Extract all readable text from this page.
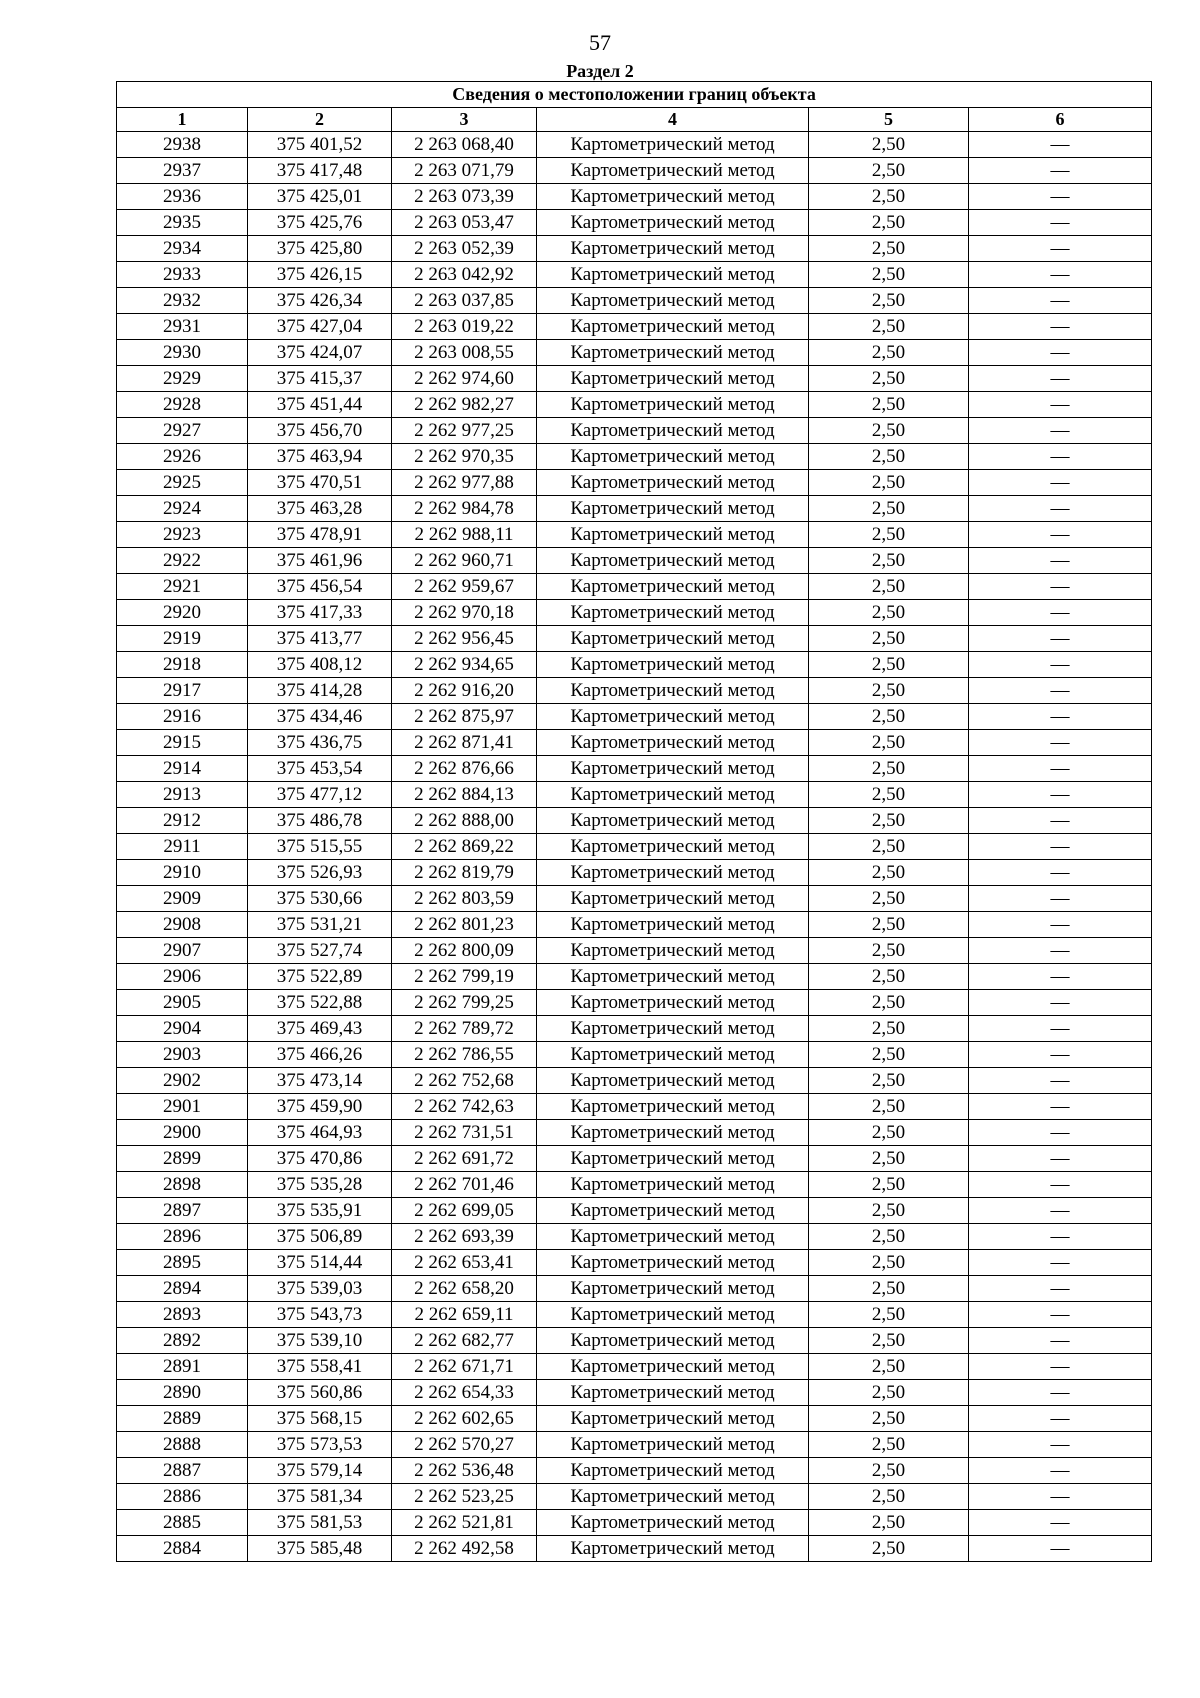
57
Раздел 2
Сведения о местоположении границ объекта					
1	2	3	4	5	6
2938	375 401,52	2 263 068,40	Картометрический метод	2,50	—
2937	375 417,48	2 263 071,79	Картометрический метод	2,50	—
2936	375 425,01	2 263 073,39	Картометрический метод	2,50	—
2935	375 425,76	2 263 053,47	Картометрический метод	2,50	—
2934	375 425,80	2 263 052,39	Картометрический метод	2,50	—
2933	375 426,15	2 263 042,92	Картометрический метод	2,50	—
2932	375 426,34	2 263 037,85	Картометрический метод	2,50	—
2931	375 427,04	2 263 019,22	Картометрический метод	2,50	—
2930	375 424,07	2 263 008,55	Картометрический метод	2,50	—
2929	375 415,37	2 262 974,60	Картометрический метод	2,50	—
2928	375 451,44	2 262 982,27	Картометрический метод	2,50	—
2927	375 456,70	2 262 977,25	Картометрический метод	2,50	—
2926	375 463,94	2 262 970,35	Картометрический метод	2,50	—
2925	375 470,51	2 262 977,88	Картометрический метод	2,50	—
2924	375 463,28	2 262 984,78	Картометрический метод	2,50	—
2923	375 478,91	2 262 988,11	Картометрический метод	2,50	—
2922	375 461,96	2 262 960,71	Картометрический метод	2,50	—
2921	375 456,54	2 262 959,67	Картометрический метод	2,50	—
2920	375 417,33	2 262 970,18	Картометрический метод	2,50	—
2919	375 413,77	2 262 956,45	Картометрический метод	2,50	—
2918	375 408,12	2 262 934,65	Картометрический метод	2,50	—
2917	375 414,28	2 262 916,20	Картометрический метод	2,50	—
2916	375 434,46	2 262 875,97	Картометрический метод	2,50	—
2915	375 436,75	2 262 871,41	Картометрический метод	2,50	—
2914	375 453,54	2 262 876,66	Картометрический метод	2,50	—
2913	375 477,12	2 262 884,13	Картометрический метод	2,50	—
2912	375 486,78	2 262 888,00	Картометрический метод	2,50	—
2911	375 515,55	2 262 869,22	Картометрический метод	2,50	—
2910	375 526,93	2 262 819,79	Картометрический метод	2,50	—
2909	375 530,66	2 262 803,59	Картометрический метод	2,50	—
2908	375 531,21	2 262 801,23	Картометрический метод	2,50	—
2907	375 527,74	2 262 800,09	Картометрический метод	2,50	—
2906	375 522,89	2 262 799,19	Картометрический метод	2,50	—
2905	375 522,88	2 262 799,25	Картометрический метод	2,50	—
2904	375 469,43	2 262 789,72	Картометрический метод	2,50	—
2903	375 466,26	2 262 786,55	Картометрический метод	2,50	—
2902	375 473,14	2 262 752,68	Картометрический метод	2,50	—
2901	375 459,90	2 262 742,63	Картометрический метод	2,50	—
2900	375 464,93	2 262 731,51	Картометрический метод	2,50	—
2899	375 470,86	2 262 691,72	Картометрический метод	2,50	—
2898	375 535,28	2 262 701,46	Картометрический метод	2,50	—
2897	375 535,91	2 262 699,05	Картометрический метод	2,50	—
2896	375 506,89	2 262 693,39	Картометрический метод	2,50	—
2895	375 514,44	2 262 653,41	Картометрический метод	2,50	—
2894	375 539,03	2 262 658,20	Картометрический метод	2,50	—
2893	375 543,73	2 262 659,11	Картометрический метод	2,50	—
2892	375 539,10	2 262 682,77	Картометрический метод	2,50	—
2891	375 558,41	2 262 671,71	Картометрический метод	2,50	—
2890	375 560,86	2 262 654,33	Картометрический метод	2,50	—
2889	375 568,15	2 262 602,65	Картометрический метод	2,50	—
2888	375 573,53	2 262 570,27	Картометрический метод	2,50	—
2887	375 579,14	2 262 536,48	Картометрический метод	2,50	—
2886	375 581,34	2 262 523,25	Картометрический метод	2,50	—
2885	375 581,53	2 262 521,81	Картометрический метод	2,50	—
2884	375 585,48	2 262 492,58	Картометрический метод	2,50	—
